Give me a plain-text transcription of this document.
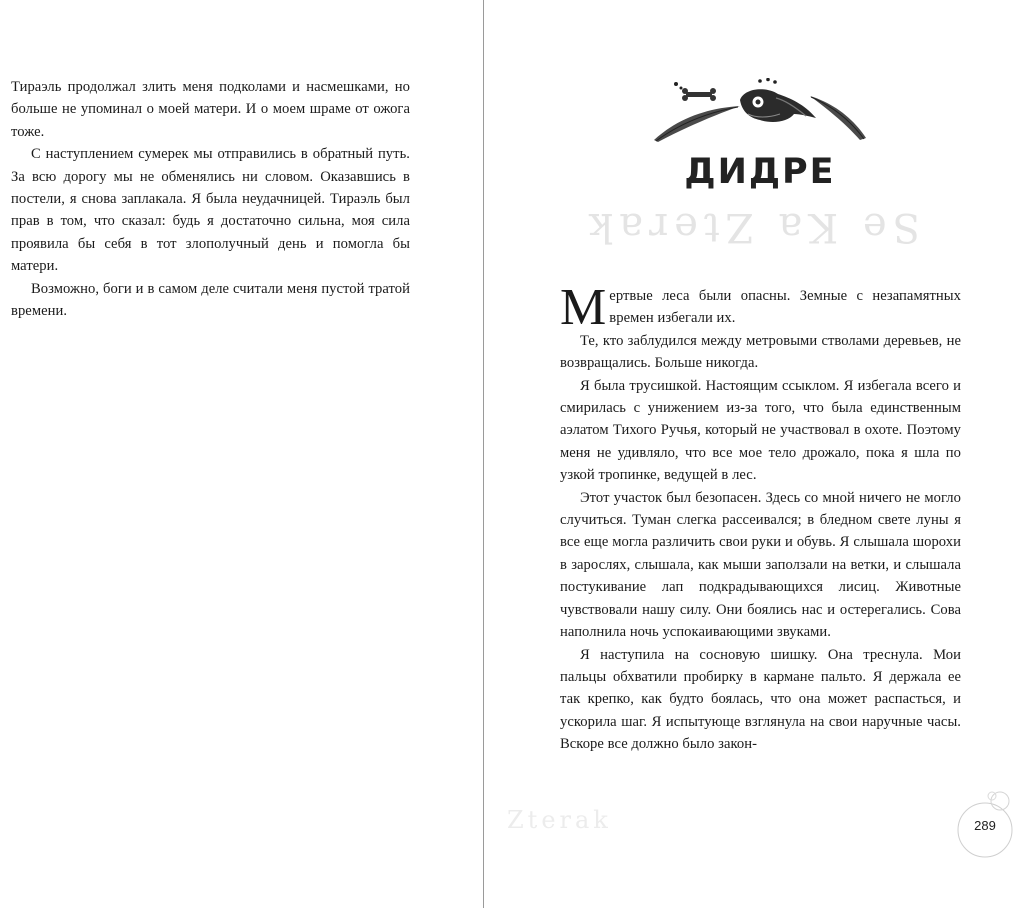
Тираэль продолжал злить меня подколами и насмешками, но больше не упоминал о моей матери. И о моем шраме от ожога тоже.

С наступлением сумерек мы отправились в обратный путь. За всю дорогу мы не обменялись ни словом. Оказавшись в постели, я снова заплакала. Я была неудачницей. Тираэль был прав в том, что сказал: будь я достаточно сильна, моя сила проявила бы себя в тот злополучный день и помогла бы матери.

Возможно, боги и в самом деле считали меня пустой тратой времени.

ДИДРЕ
Se Ka Zterak

Мертвые леса были опасны. Земные с незапамятных времен избегали их.

Те, кто заблудился между метровыми стволами деревьев, не возвращались. Больше никогда.

Я была трусишкой. Настоящим ссыклом. Я избегала всего и смирилась с унижением из-за того, что была единственным аэлатом Тихого Ручья, который не участвовал в охоте. Поэтому меня не удивляло, что все мое тело дрожало, пока я шла по узкой тропинке, ведущей в лес.

Этот участок был безопасен. Здесь со мной ничего не могло случиться. Туман слегка рассеивался; в бледном свете луны я все еще могла различить свои руки и обувь. Я слышала шорохи в зарослях, слышала, как мыши заползали на ветки, и слышала постукивание лап подкрадывающихся лисиц. Животные чувствовали нашу силу. Они боялись нас и остерегались. Сова наполнила ночь успокаивающими звуками.

Я наступила на сосновую шишку. Она треснула. Мои пальцы обхватили пробирку в кармане пальто. Я держала ее так крепко, как будто боялась, что она может распасться, и ускорила шаг. Я испытующе взглянула на свои наручные часы. Вскоре все должно было закон-

Zterak	289
